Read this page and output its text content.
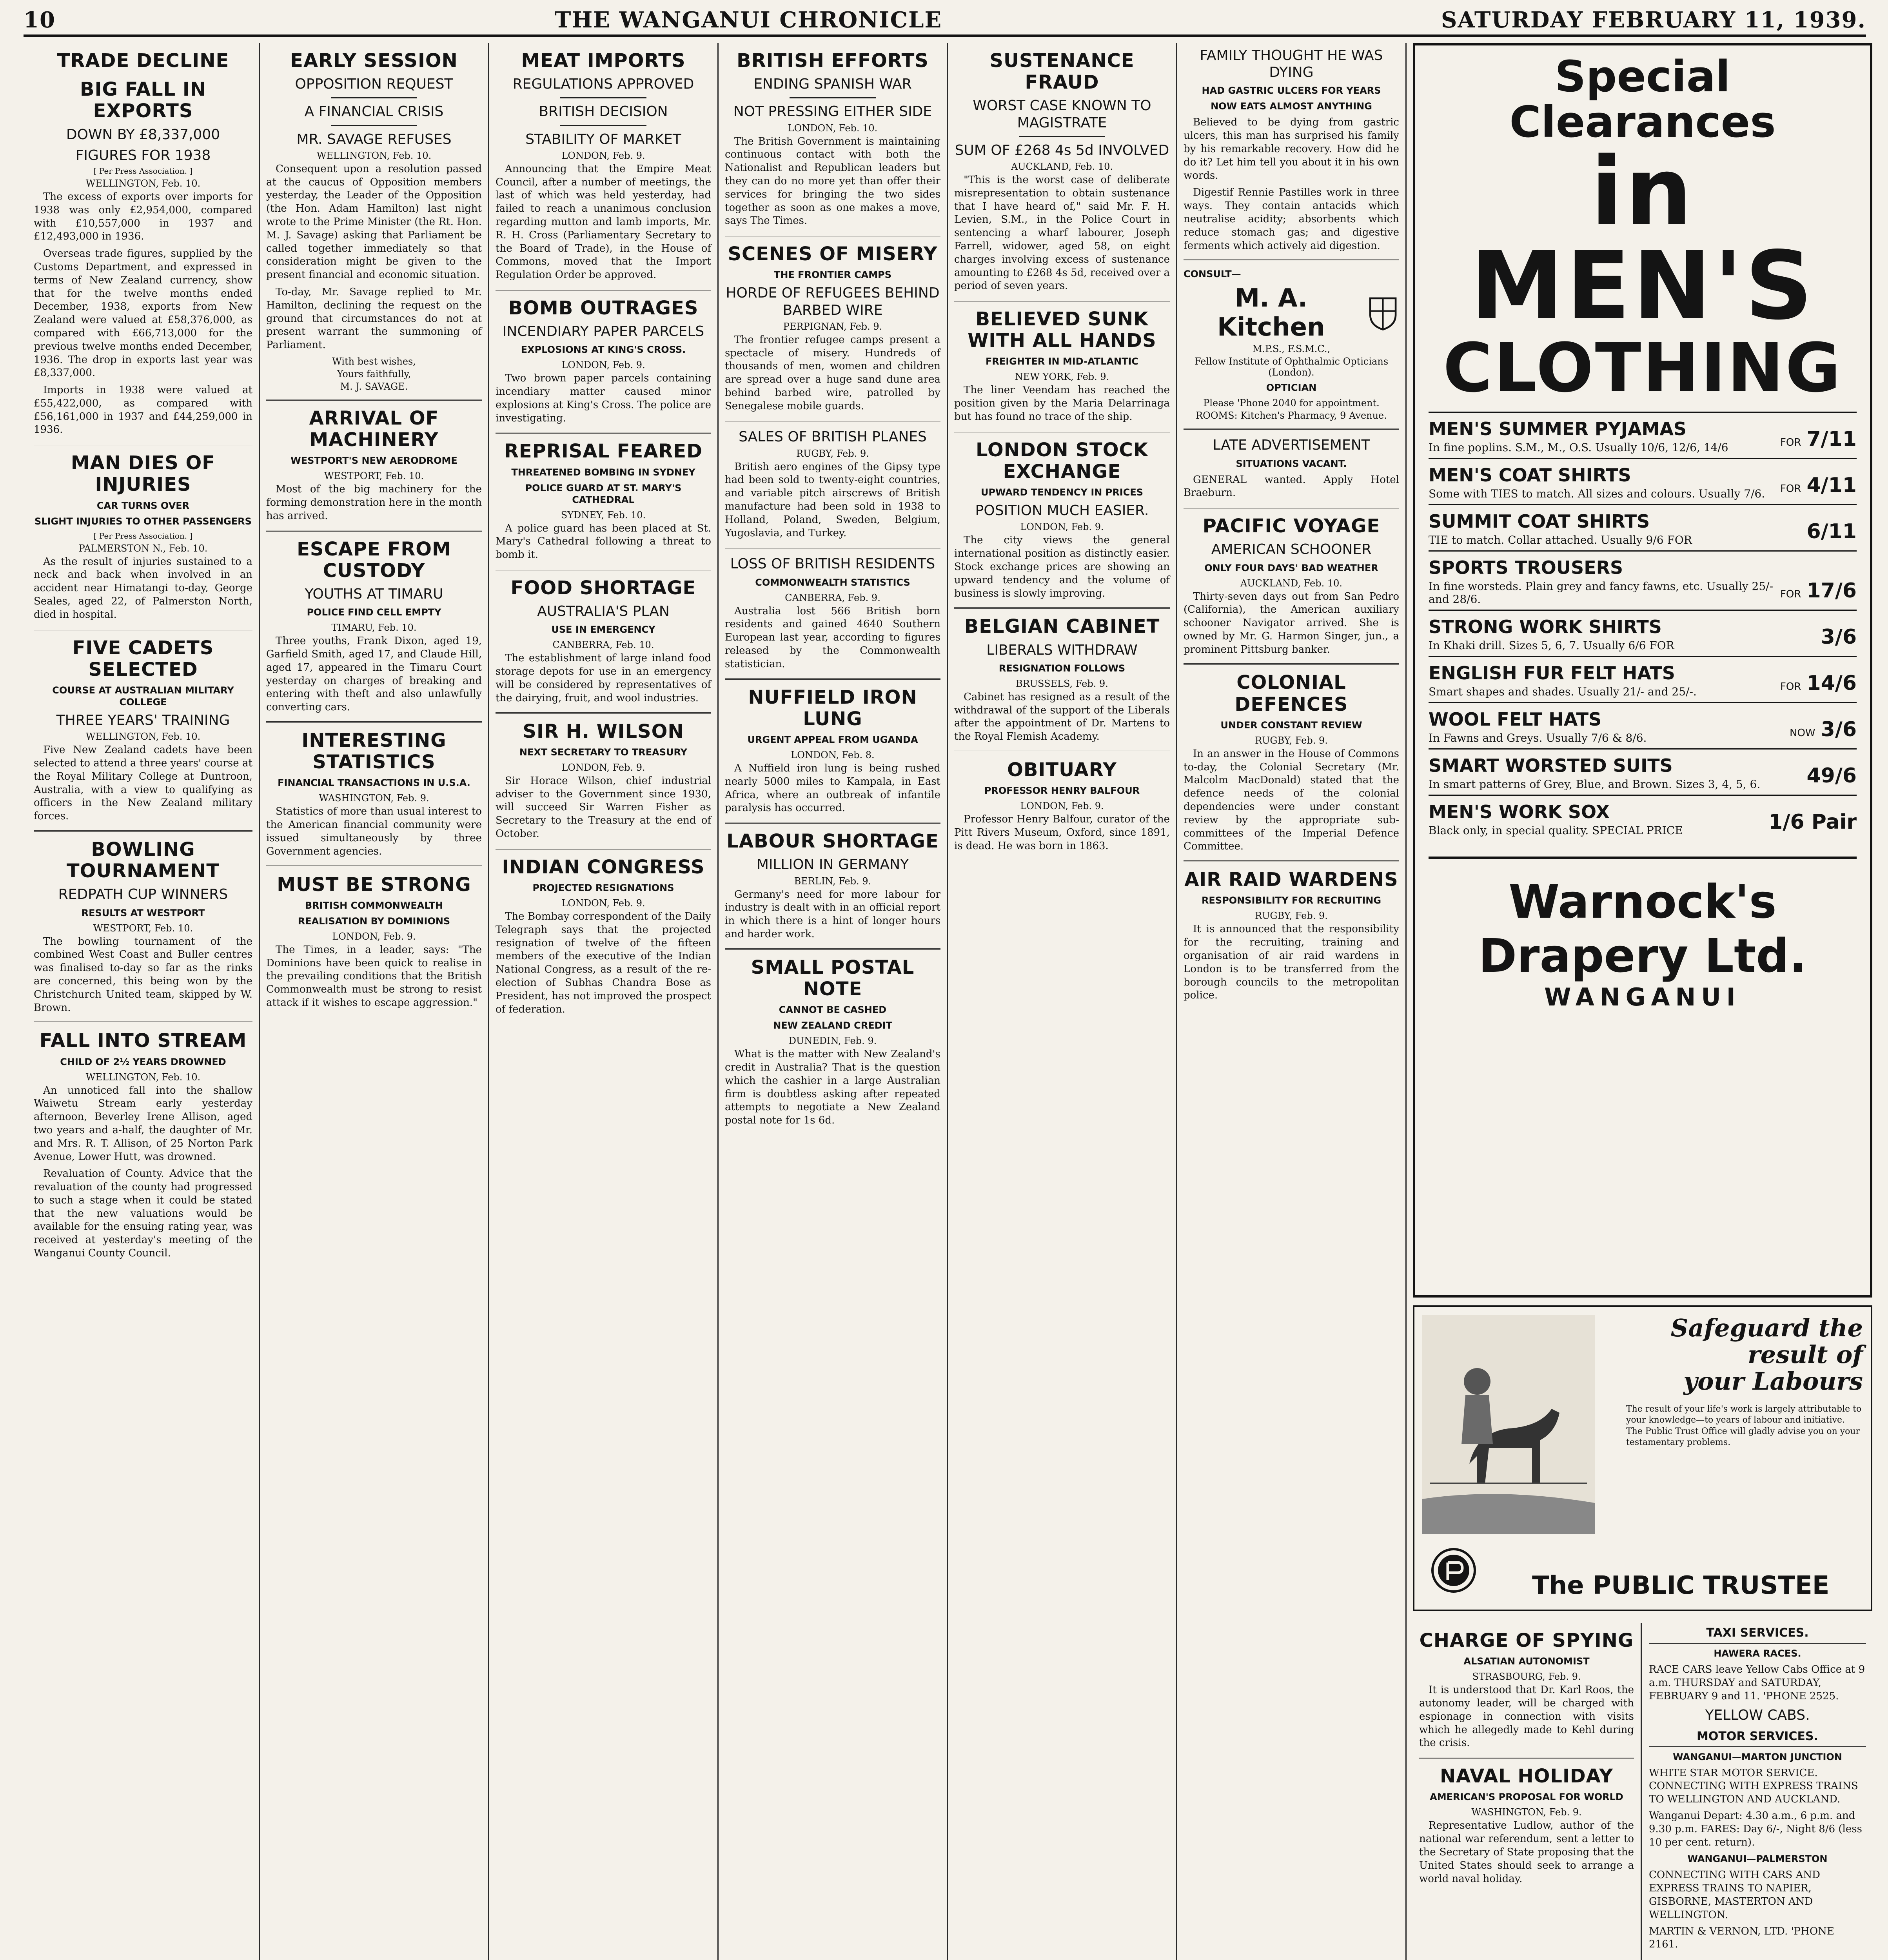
10	THE WANGANUI CHRONICLE	SATURDAY FEBRUARY 11, 1939.
TRADE DECLINE
BIG FALL IN EXPORTS
DOWN BY £8,337,000
FIGURES FOR 1938
[ Per Press Association. ]
WELLINGTON, Feb. 10.

The excess of exports over imports for 1938 was only £2,954,000, compared with £10,557,000 in 1937 and £12,493,000 in 1936.

Overseas trade figures, supplied by the Customs Department, and expressed in terms of New Zealand currency, show that for the twelve months ended December, 1938, exports from New Zealand were valued at £58,376,000, as compared with £66,713,000 for the previous twelve months ended December, 1936. The drop in exports last year was £8,337,000.

Imports in 1938 were valued at £55,422,000, as compared with £56,161,000 in 1937 and £44,259,000 in 1936.

MAN DIES OF INJURIES
CAR TURNS OVER
SLIGHT INJURIES TO OTHER PASSENGERS
[ Per Press Association. ]
PALMERSTON N., Feb. 10.

As the result of injuries sustained to a neck and back when involved in an accident near Himatangi to-day, George Seales, aged 22, of Palmerston North, died in hospital.

FIVE CADETS SELECTED
COURSE AT AUSTRALIAN MILITARY COLLEGE
THREE YEARS' TRAINING
WELLINGTON, Feb. 10.

Five New Zealand cadets have been selected to attend a three years' course at the Royal Military College at Duntroon, Australia, with a view to qualifying as officers in the New Zealand military forces.

BOWLING TOURNAMENT
REDPATH CUP WINNERS
RESULTS AT WESTPORT
WESTPORT, Feb. 10.

The bowling tournament of the combined West Coast and Buller centres was finalised to-day so far as the rinks are concerned, this being won by the Christchurch United team, skipped by W. Brown.

FALL INTO STREAM
CHILD OF 2½ YEARS DROWNED
WELLINGTON, Feb. 10.

An unnoticed fall into the shallow Waiwetu Stream early yesterday afternoon, Beverley Irene Allison, aged two years and a-half, the daughter of Mr. and Mrs. R. T. Allison, of 25 Norton Park Avenue, Lower Hutt, was drowned.

Revaluation of County. Advice that the revaluation of the county had progressed to such a stage when it could be stated that the new valuations would be available for the ensuing rating year, was received at yesterday's meeting of the Wanganui County Council.

EARLY SESSION
OPPOSITION REQUEST
A FINANCIAL CRISIS
MR. SAVAGE REFUSES
WELLINGTON, Feb. 10.

Consequent upon a resolution passed at the caucus of Opposition members yesterday, the Leader of the Opposition (the Hon. Adam Hamilton) last night wrote to the Prime Minister (the Rt. Hon. M. J. Savage) asking that Parliament be called together immediately so that consideration might be given to the present financial and economic situation.

To-day, Mr. Savage replied to Mr. Hamilton, declining the request on the ground that circumstances do not at present warrant the summoning of Parliament.

With best wishes,
Yours faithfully,
M. J. SAVAGE.
ARRIVAL OF MACHINERY
WESTPORT'S NEW AERODROME
WESTPORT, Feb. 10.

Most of the big machinery for the forming demonstration here in the month has arrived.

ESCAPE FROM CUSTODY
YOUTHS AT TIMARU
POLICE FIND CELL EMPTY
TIMARU, Feb. 10.

Three youths, Frank Dixon, aged 19, Garfield Smith, aged 17, and Claude Hill, aged 17, appeared in the Timaru Court yesterday on charges of breaking and entering with theft and also unlawfully converting cars.

INTERESTING STATISTICS
FINANCIAL TRANSACTIONS IN U.S.A.
WASHINGTON, Feb. 9.

Statistics of more than usual interest to the American financial community were issued simultaneously by three Government agencies.

MUST BE STRONG
BRITISH COMMONWEALTH
REALISATION BY DOMINIONS
LONDON, Feb. 9.

The Times, in a leader, says: "The Dominions have been quick to realise in the prevailing conditions that the British Commonwealth must be strong to resist attack if it wishes to escape aggression."

MEAT IMPORTS
REGULATIONS APPROVED
BRITISH DECISION
STABILITY OF MARKET
LONDON, Feb. 9.

Announcing that the Empire Meat Council, after a number of meetings, the last of which was held yesterday, had failed to reach a unanimous conclusion regarding mutton and lamb imports, Mr. R. H. Cross (Parliamentary Secretary to the Board of Trade), in the House of Commons, moved that the Import Regulation Order be approved.

BOMB OUTRAGES
INCENDIARY PAPER PARCELS
EXPLOSIONS AT KING'S CROSS.
LONDON, Feb. 9.

Two brown paper parcels containing incendiary matter caused minor explosions at King's Cross. The police are investigating.

REPRISAL FEARED
THREATENED BOMBING IN SYDNEY
POLICE GUARD AT ST. MARY'S CATHEDRAL
SYDNEY, Feb. 10.

A police guard has been placed at St. Mary's Cathedral following a threat to bomb it.

FOOD SHORTAGE
AUSTRALIA'S PLAN
USE IN EMERGENCY
CANBERRA, Feb. 10.

The establishment of large inland food storage depots for use in an emergency will be considered by representatives of the dairying, fruit, and wool industries.

SIR H. WILSON
NEXT SECRETARY TO TREASURY
LONDON, Feb. 9.

Sir Horace Wilson, chief industrial adviser to the Government since 1930, will succeed Sir Warren Fisher as Secretary to the Treasury at the end of October.

INDIAN CONGRESS
PROJECTED RESIGNATIONS
LONDON, Feb. 9.

The Bombay correspondent of the Daily Telegraph says that the projected resignation of twelve of the fifteen members of the executive of the Indian National Congress, as a result of the re-election of Subhas Chandra Bose as President, has not improved the prospect of federation.

BRITISH EFFORTS
ENDING SPANISH WAR
NOT PRESSING EITHER SIDE
LONDON, Feb. 10.

The British Government is maintaining continuous contact with both the Nationalist and Republican leaders but they can do no more yet than offer their services for bringing the two sides together as soon as one makes a move, says The Times.

SCENES OF MISERY
THE FRONTIER CAMPS
HORDE OF REFUGEES BEHIND BARBED WIRE
PERPIGNAN, Feb. 9.

The frontier refugee camps present a spectacle of misery. Hundreds of thousands of men, women and children are spread over a huge sand dune area behind barbed wire, patrolled by Senegalese mobile guards.

SALES OF BRITISH PLANES
RUGBY, Feb. 9.

British aero engines of the Gipsy type had been sold to twenty-eight countries, and variable pitch airscrews of British manufacture had been sold in 1938 to Holland, Poland, Sweden, Belgium, Yugoslavia, and Turkey.

LOSS OF BRITISH RESIDENTS
COMMONWEALTH STATISTICS
CANBERRA, Feb. 9.

Australia lost 566 British born residents and gained 4640 Southern European last year, according to figures released by the Commonwealth statistician.

NUFFIELD IRON LUNG
URGENT APPEAL FROM UGANDA
LONDON, Feb. 8.

A Nuffield iron lung is being rushed nearly 5000 miles to Kampala, in East Africa, where an outbreak of infantile paralysis has occurred.

LABOUR SHORTAGE
MILLION IN GERMANY
BERLIN, Feb. 9.

Germany's need for more labour for industry is dealt with in an official report in which there is a hint of longer hours and harder work.

SMALL POSTAL NOTE
CANNOT BE CASHED
NEW ZEALAND CREDIT
DUNEDIN, Feb. 9.

What is the matter with New Zealand's credit in Australia? That is the question which the cashier in a large Australian firm is doubtless asking after repeated attempts to negotiate a New Zealand postal note for 1s 6d.

SUSTENANCE FRAUD
WORST CASE KNOWN TO MAGISTRATE
SUM OF £268 4s 5d INVOLVED
AUCKLAND, Feb. 10.

"This is the worst case of deliberate misrepresentation to obtain sustenance that I have heard of," said Mr. F. H. Levien, S.M., in the Police Court in sentencing a wharf labourer, Joseph Farrell, widower, aged 58, on eight charges involving excess of sustenance amounting to £268 4s 5d, received over a period of seven years.

BELIEVED SUNK WITH ALL HANDS
FREIGHTER IN MID-ATLANTIC
NEW YORK, Feb. 9.

The liner Veendam has reached the position given by the Maria Delarrinaga but has found no trace of the ship.

LONDON STOCK EXCHANGE
UPWARD TENDENCY IN PRICES
POSITION MUCH EASIER.
LONDON, Feb. 9.

The city views the general international position as distinctly easier. Stock exchange prices are showing an upward tendency and the volume of business is slowly improving.

BELGIAN CABINET
LIBERALS WITHDRAW
RESIGNATION FOLLOWS
BRUSSELS, Feb. 9.

Cabinet has resigned as a result of the withdrawal of the support of the Liberals after the appointment of Dr. Martens to the Royal Flemish Academy.

OBITUARY
PROFESSOR HENRY BALFOUR
LONDON, Feb. 9.

Professor Henry Balfour, curator of the Pitt Rivers Museum, Oxford, since 1891, is dead. He was born in 1863.

FAMILY THOUGHT HE WAS DYING
HAD GASTRIC ULCERS FOR YEARS
NOW EATS ALMOST ANYTHING

Believed to be dying from gastric ulcers, this man has surprised his family by his remarkable recovery. How did he do it? Let him tell you about it in his own words.

Digestif Rennie Pastilles work in three ways. They contain antacids which neutralise acidity; absorbents which reduce stomach gas; and digestive ferments which actively aid digestion.

CONSULT—
M. A. Kitchen
M.P.S., F.S.M.C.,
Fellow Institute of Ophthalmic Opticians (London).
OPTICIAN
Please 'Phone 2040 for appointment.
ROOMS: Kitchen's Pharmacy, 9 Avenue.
LATE ADVERTISEMENT
SITUATIONS VACANT.

GENERAL wanted. Apply Hotel Braeburn.

PACIFIC VOYAGE
AMERICAN SCHOONER
ONLY FOUR DAYS' BAD WEATHER
AUCKLAND, Feb. 10.

Thirty-seven days out from San Pedro (California), the American auxiliary schooner Navigator arrived. She is owned by Mr. G. Harmon Singer, jun., a prominent Pittsburg banker.

COLONIAL DEFENCES
UNDER CONSTANT REVIEW
RUGBY, Feb. 9.

In an answer in the House of Commons to-day, the Colonial Secretary (Mr. Malcolm MacDonald) stated that the defence needs of the colonial dependencies were under constant review by the appropriate sub-committees of the Imperial Defence Committee.

AIR RAID WARDENS
RESPONSIBILITY FOR RECRUITING
RUGBY, Feb. 9.

It is announced that the responsibility for the recruiting, training and organisation of air raid wardens in London is to be transferred from the borough councils to the metropolitan police.

Special Clearances
in MEN'S
CLOTHING
MEN'S SUMMER PYJAMAS
In fine poplins. S.M., M., O.S. Usually 10/6, 12/6, 14/6	FOR 7/11
MEN'S COAT SHIRTS
Some with TIES to match. All sizes and colours. Usually 7/6.	FOR 4/11
SUMMIT COAT SHIRTS
TIE to match. Collar attached. Usually 9/6 FOR	6/11
SPORTS TROUSERS
In fine worsteds. Plain grey and fancy fawns, etc. Usually 25/- and 28/6.	FOR 17/6
STRONG WORK SHIRTS
In Khaki drill. Sizes 5, 6, 7. Usually 6/6 FOR	3/6
ENGLISH FUR FELT HATS
Smart shapes and shades. Usually 21/- and 25/-.	FOR 14/6
WOOL FELT HATS
In Fawns and Greys. Usually 7/6 & 8/6.	NOW 3/6
SMART WORSTED SUITS
In smart patterns of Grey, Blue, and Brown. Sizes 3, 4, 5, 6.	49/6
MEN'S WORK SOX
Black only, in special quality. SPECIAL PRICE	1/6 Pair
Warnock's Drapery Ltd.
WANGANUI
Safeguard the
result of
your Labours

The result of your life's work is largely attributable to your knowledge—to years of labour and initiative. The Public Trust Office will gladly advise you on your testamentary problems.

The PUBLIC TRUSTEE
CHARGE OF SPYING
ALSATIAN AUTONOMIST
STRASBOURG, Feb. 9.

It is understood that Dr. Karl Roos, the autonomy leader, will be charged with espionage in connection with visits which he allegedly made to Kehl during the crisis.

NAVAL HOLIDAY
AMERICAN'S PROPOSAL FOR WORLD
WASHINGTON, Feb. 9.

Representative Ludlow, author of the national war referendum, sent a letter to the Secretary of State proposing that the United States should seek to arrange a world naval holiday.

TAXI SERVICES.
HAWERA RACES.

RACE CARS leave Yellow Cabs Office at 9 a.m. THURSDAY and SATURDAY, FEBRUARY 9 and 11. 'PHONE 2525.

YELLOW CABS.
MOTOR SERVICES.
WANGANUI—MARTON JUNCTION

WHITE STAR MOTOR SERVICE. CONNECTING WITH EXPRESS TRAINS TO WELLINGTON AND AUCKLAND.

Wanganui Depart: 4.30 a.m., 6 p.m. and 9.30 p.m. FARES: Day 6/-, Night 8/6 (less 10 per cent. return).

WANGANUI—PALMERSTON

CONNECTING WITH CARS AND EXPRESS TRAINS TO NAPIER, GISBORNE, MASTERTON AND WELLINGTON.

MARTIN & VERNON, LTD. 'PHONE 2161.
